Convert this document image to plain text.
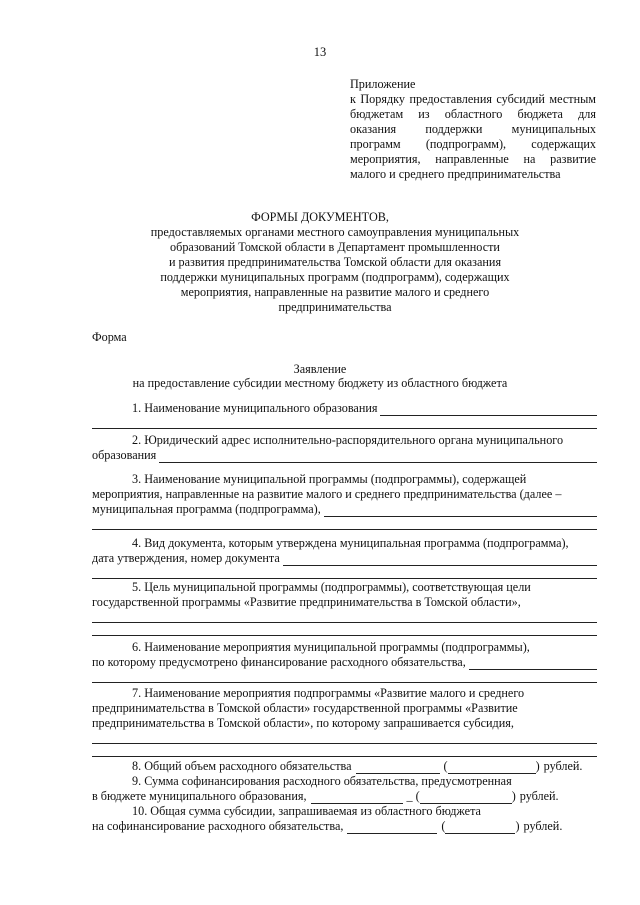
13

Приложение

к Порядку предоставления субсидий местным бюджетам из областного бюджета для оказания поддержки муниципальных программ (подпрограмм), содержащих мероприятия, направленные на развитие малого и среднего предпринимательства

ФОРМЫ ДОКУМЕНТОВ,
предоставляемых органами местного самоуправления муниципальных
образований Томской области в Департамент промышленности
и развития предпринимательства Томской области для оказания
поддержки муниципальных программ (подпрограмм), содержащих
мероприятия, направленные на развитие малого и среднего
предпринимательства
Форма
Заявление
на предоставление субсидии местному бюджету из областного бюджета
1. Наименование муниципального образования
2. Юридический адрес исполнительно-распорядительного органа муниципального
образования
3. Наименование муниципальной программы (подпрограммы), содержащей
мероприятия, направленные на развитие малого и среднего предпринимательства (далее –
муниципальная программа (подпрограмма),
4. Вид документа, которым утверждена муниципальная программа (подпрограмма),
дата утверждения, номер документа
5. Цель муниципальной программы (подпрограммы), соответствующая цели
государственной программы «Развитие предпринимательства в Томской области»,
6. Наименование мероприятия муниципальной программы (подпрограммы),
по которому предусмотрено финансирование расходного обязательства,
7. Наименование мероприятия подпрограммы «Развитие малого и среднего
предпринимательства в Томской области» государственной программы «Развитие
предпринимательства в Томской области», по которому запрашивается субсидия,
8. Общий объем расходного обязательства	(	) рублей.
9. Сумма софинансирования расходного обязательства, предусмотренная
в бюджете муниципального образования,	_ (	) рублей.
10. Общая сумма субсидии, запрашиваемая из областного бюджета
на софинансирование расходного обязательства,	(	) рублей.
